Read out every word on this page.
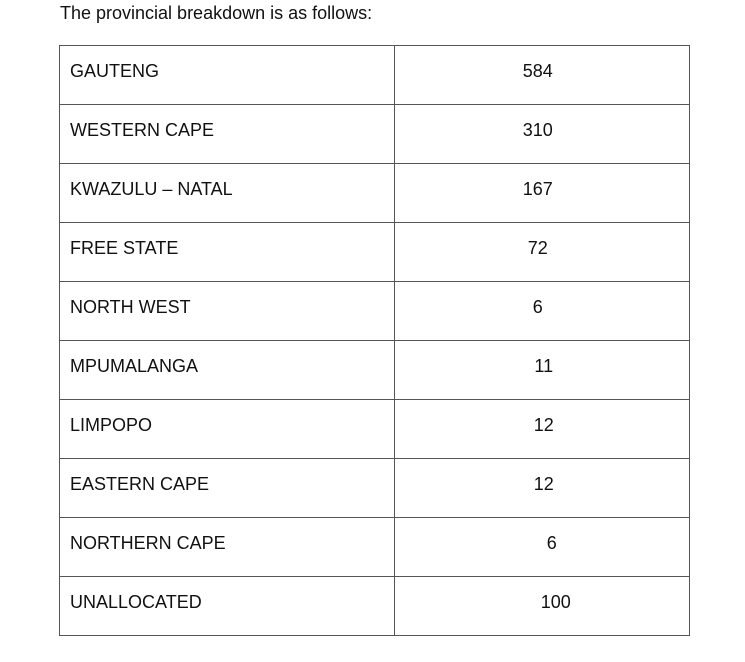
The provincial breakdown is as follows:
GAUTENG	584
WESTERN CAPE	310
KWAZULU – NATAL	167
FREE STATE	72
NORTH WEST	6
MPUMALANGA	11
LIMPOPO	12
EASTERN CAPE	12
NORTHERN CAPE	6
UNALLOCATED	100
